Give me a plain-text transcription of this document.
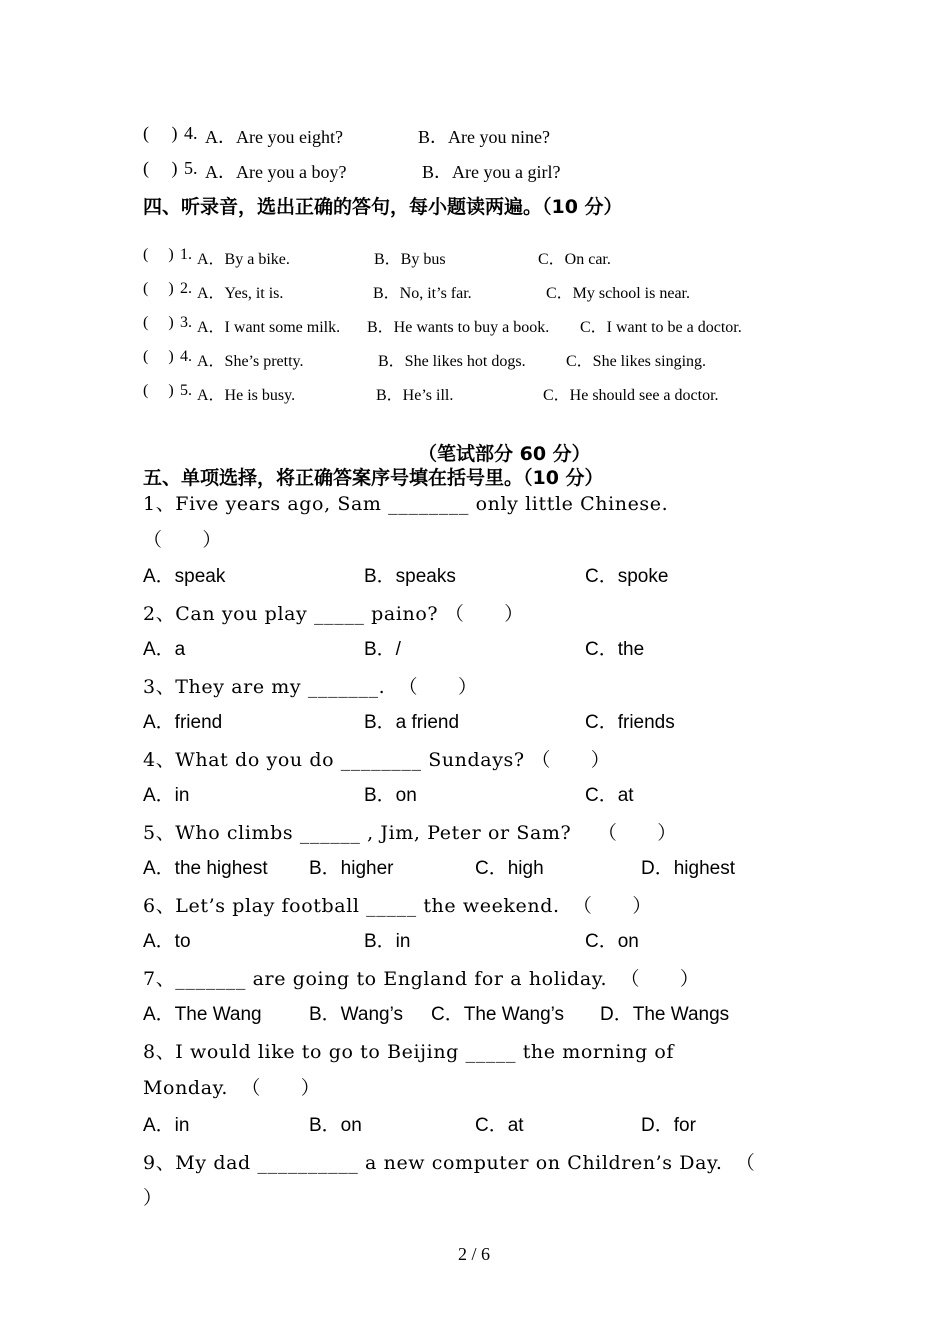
(     ) 4. A．Are you eight?	B．Are you nine?
(     ) 5. A．Are you a boy?	B．Are you a girl?
四、听录音，选出正确的答句，每小题读两遍。（10 分）
(     ) 1. A．By a bike.	B．By bus	C．On car.
(     ) 2. A．Yes, it is.	B．No, it’s far.	C．My school is near.
(     ) 3. A．I want some milk. B．He wants to buy a book. C．I want to be a doctor.
(     ) 4. A．She’s pretty.	B．She likes hot dogs.	C．She likes singing.
(     ) 5. A．He is busy.	B．He’s ill.	C．He should see a doctor.
（笔试部分 60 分）
五、单项选择，将正确答案序号填在括号里。（10 分）
1、Five years ago, Sam ________ only little Chinese.
（      ）
A．speak	B．speaks	C．spoke
2、Can you play _____ paino? （      ）
A．a	B．/	C．the
3、They are my _______.  （      ）
A．friend	B．a friend	C．friends
4、What do you do ________ Sundays? （      ）
A．in	B．on	C．at
5、Who climbs ______ , Jim, Peter or Sam?    （      ）
A．the highest B．higher	C．high	D．highest
6、Let’s play football _____ the weekend.  （      ）
A．to	B．in	C．on
7、_______ are going to England for a holiday.  （      ）
A．The Wang B．Wang’s C．The Wang’s D．The Wangs
8、I would like to go to Beijing _____ the morning of
Monday.  （      ）
A．in	B．on	C．at	D．for
9、My dad __________ a new computer on Children’s Day.  （
）
2 / 6
